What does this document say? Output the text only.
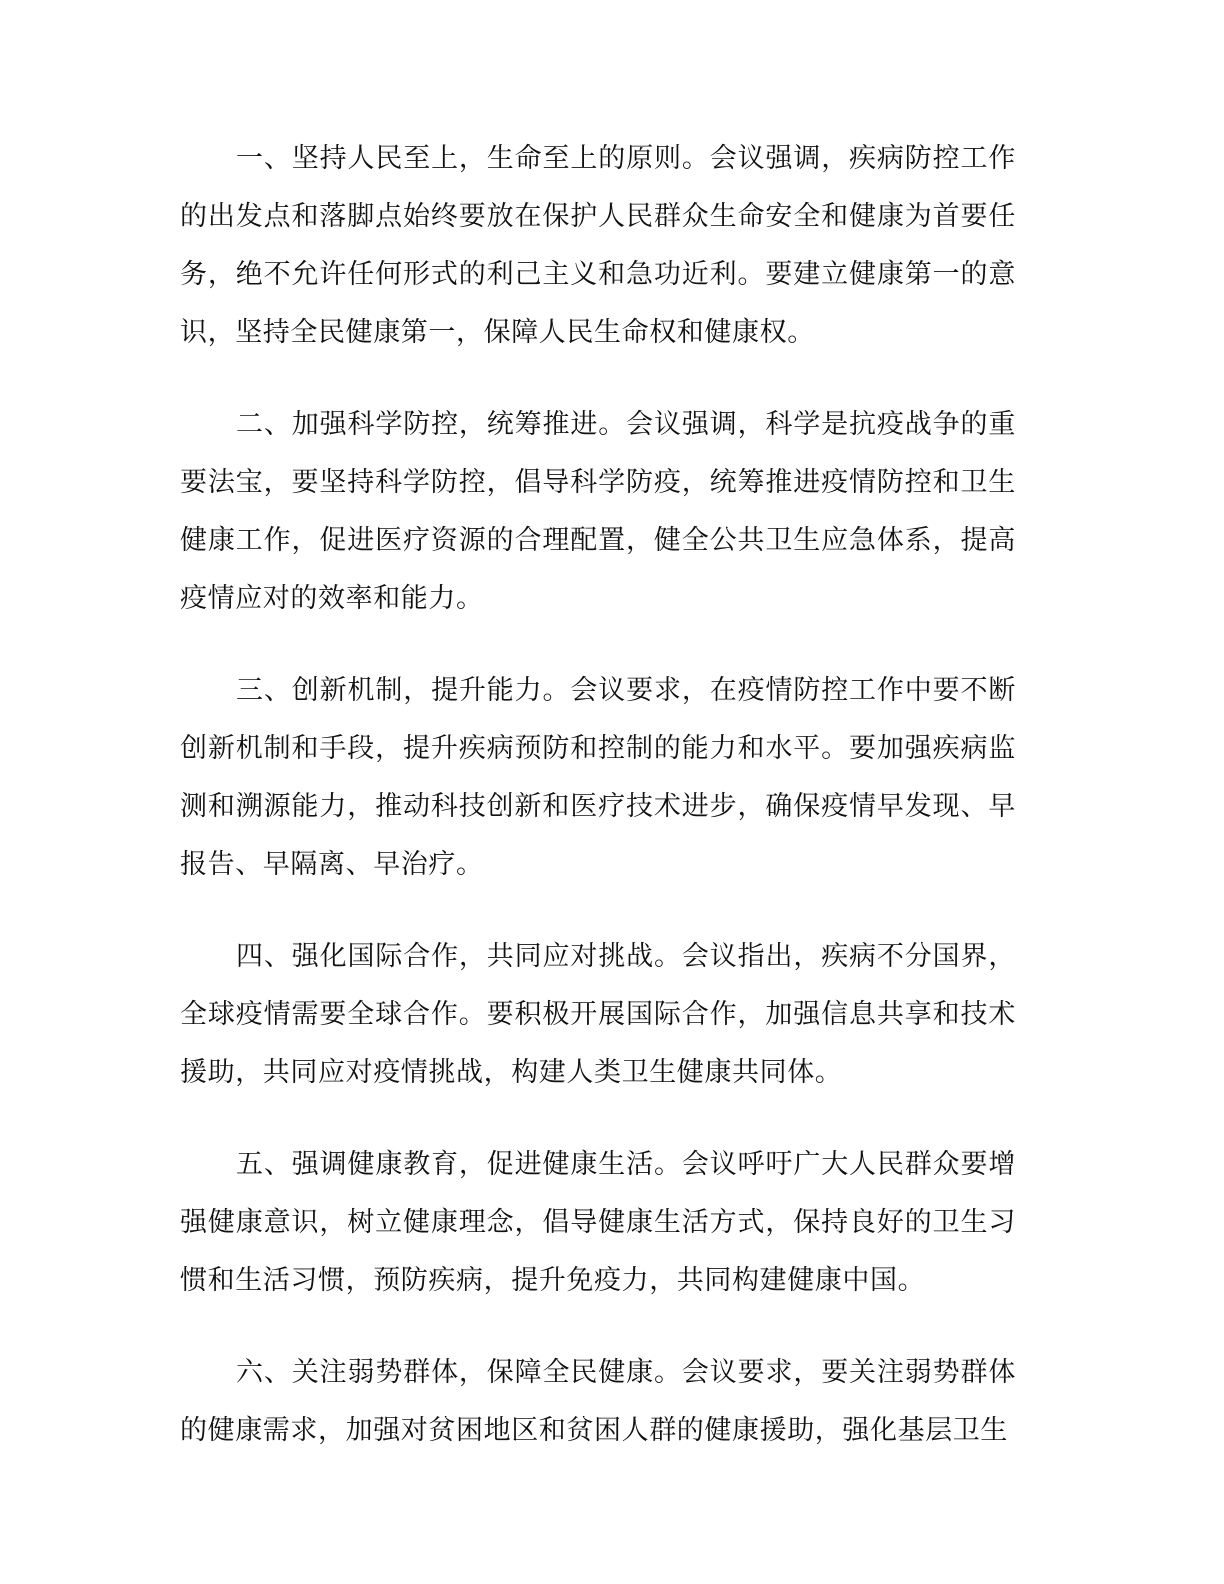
一、坚持人民至上，生命至上的原则。会议强调，疾病防控工作的出发点和落脚点始终要放在保护人民群众生命安全和健康为首要任务，绝不允许任何形式的利己主义和急功近利。要建立健康第一的意识，坚持全民健康第一，保障人民生命权和健康权。

二、加强科学防控，统筹推进。会议强调，科学是抗疫战争的重要法宝，要坚持科学防控，倡导科学防疫，统筹推进疫情防控和卫生健康工作，促进医疗资源的合理配置，健全公共卫生应急体系，提高疫情应对的效率和能力。

三、创新机制，提升能力。会议要求，在疫情防控工作中要不断创新机制和手段，提升疾病预防和控制的能力和水平。要加强疾病监测和溯源能力，推动科技创新和医疗技术进步，确保疫情早发现、早报告、早隔离、早治疗。

四、强化国际合作，共同应对挑战。会议指出，疾病不分国界，全球疫情需要全球合作。要积极开展国际合作，加强信息共享和技术援助，共同应对疫情挑战，构建人类卫生健康共同体。

五、强调健康教育，促进健康生活。会议呼吁广大人民群众要增强健康意识，树立健康理念，倡导健康生活方式，保持良好的卫生习惯和生活习惯，预防疾病，提升免疫力，共同构建健康中国。

六、关注弱势群体，保障全民健康。会议要求，要关注弱势群体的健康需求，加强对贫困地区和贫困人群的健康援助，强化基层卫生
